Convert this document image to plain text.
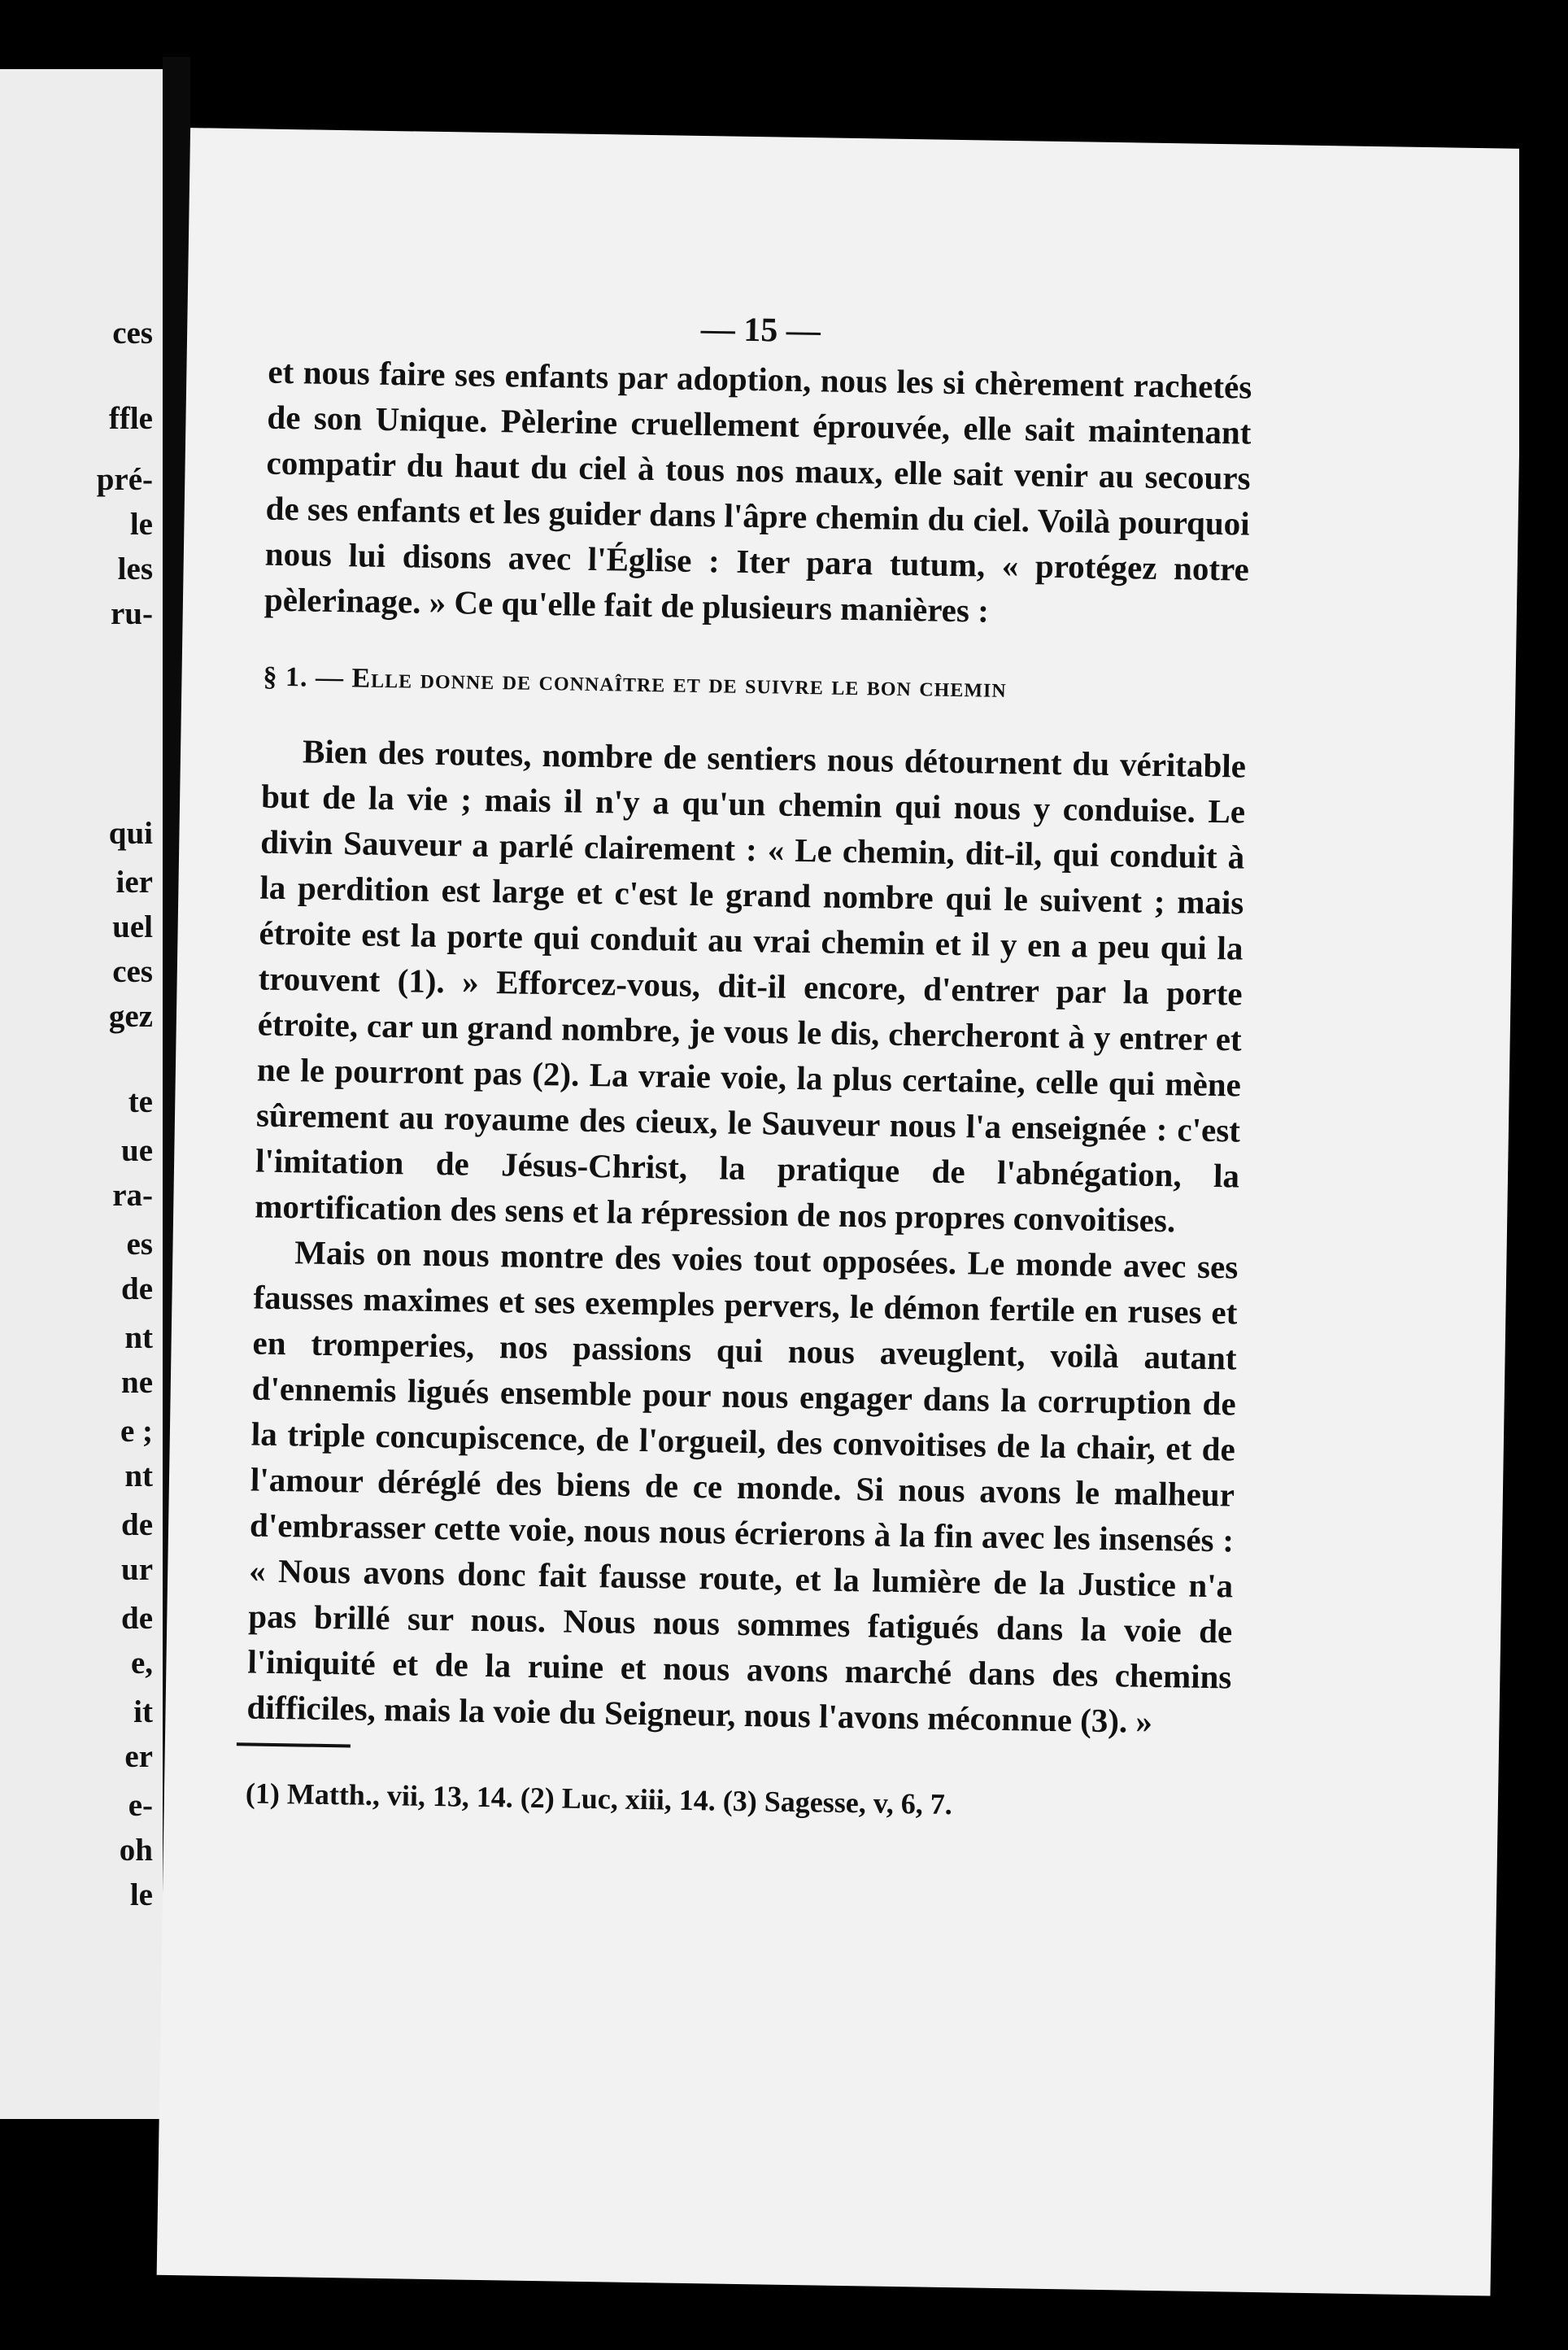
ces
ffle
pré-
le
les
ru-
qui
ier
uel
ces
gez
te
ue
ra-
es
de
nt
ne
e ;
nt
de
ur
de
e,
it
er
e-
oh
le
— 15 —

et nous faire ses enfants par adoption, nous les si chèrement rachetés de son Unique. Pèlerine cruellement éprouvée, elle sait maintenant compatir du haut du ciel à tous nos maux, elle sait venir au secours de ses enfants et les guider dans l'âpre chemin du ciel. Voilà pourquoi nous lui disons avec l'Église : Iter para tutum, « protégez notre pèlerinage. » Ce qu'elle fait de plusieurs manières :

§ 1. — Elle donne de connaître et de suivre le bon chemin

Bien des routes, nombre de sentiers nous détournent du véritable but de la vie ; mais il n'y a qu'un chemin qui nous y conduise. Le divin Sauveur a parlé clairement : « Le chemin, dit-il, qui conduit à la perdition est large et c'est le grand nombre qui le suivent ; mais étroite est la porte qui conduit au vrai chemin et il y en a peu qui la trouvent (1). » Efforcez-vous, dit-il encore, d'entrer par la porte étroite, car un grand nombre, je vous le dis, chercheront à y entrer et ne le pourront pas (2). La vraie voie, la plus certaine, celle qui mène sûrement au royaume des cieux, le Sauveur nous l'a enseignée : c'est l'imitation de Jésus-Christ, la pratique de l'abnégation, la mortification des sens et la répression de nos propres convoitises.

Mais on nous montre des voies tout opposées. Le monde avec ses fausses maximes et ses exemples pervers, le démon fertile en ruses et en tromperies, nos passions qui nous aveuglent, voilà autant d'ennemis ligués ensemble pour nous engager dans la corruption de la triple concupiscence, de l'orgueil, des convoitises de la chair, et de l'amour déréglé des biens de ce monde. Si nous avons le malheur d'embrasser cette voie, nous nous écrierons à la fin avec les insensés : « Nous avons donc fait fausse route, et la lumière de la Justice n'a pas brillé sur nous. Nous nous sommes fatigués dans la voie de l'iniquité et de la ruine et nous avons marché dans des chemins difficiles, mais la voie du Seigneur, nous l'avons méconnue (3). »

(1) Matth., vii, 13, 14. (2) Luc, xiii, 14. (3) Sagesse, v, 6, 7.
